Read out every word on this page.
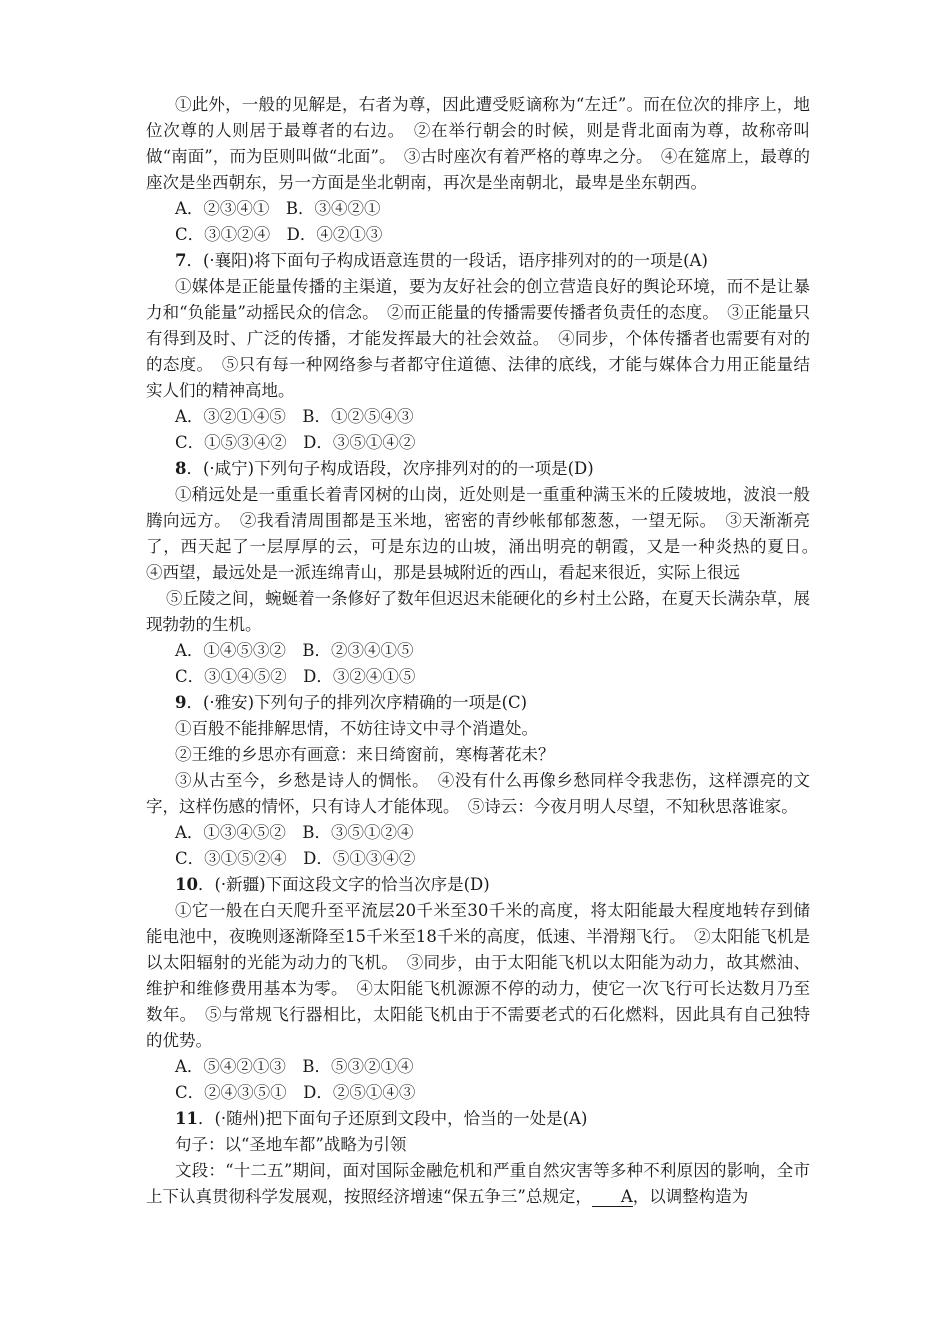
①此外，一般的见解是，右者为尊，因此遭受贬谪称为“左迁”。而在位次的排序上，地位次尊的人则居于最尊者的右边。　②在举行朝会的时候，则是背北面南为尊，故称帝叫做“南面”，而为臣则叫做“北面”。　③古时座次有着严格的尊卑之分。　④在筵席上，最尊的座次是坐西朝东，另一方面是坐北朝南，再次是坐南朝北，最卑是坐东朝西。

A．②③④①　B．③④②①

C．③①②④　D．④②①③

7．(·襄阳)将下面句子构成语意连贯的一段话，语序排列对的的一项是(A)

①媒体是正能量传播的主渠道，要为友好社会的创立营造良好的舆论环境，而不是让暴力和“负能量”动摇民众的信念。　②而正能量的传播需要传播者负责任的态度。　③正能量只有得到及时、广泛的传播，才能发挥最大的社会效益。　④同步，个体传播者也需要有对的的态度。　⑤只有每一种网络参与者都守住道德、法律的底线，才能与媒体合力用正能量结实人们的精神高地。

A．③②①④⑤　B．①②⑤④③

C．①⑤③④②　D．③⑤①④②

8．(·咸宁)下列句子构成语段，次序排列对的的一项是(D)

①稍远处是一重重长着青冈树的山岗，近处则是一重重种满玉米的丘陵坡地，波浪一般腾向远方。　②我看清周围都是玉米地，密密的青纱帐郁郁葱葱，一望无际。　③天渐渐亮了，西天起了一层厚厚的云，可是东边的山坡，涌出明亮的朝霞，又是一种炎热的夏日。　④西望，最远处是一派连绵青山，那是县城附近的西山，看起来很近，实际上很远

⑤丘陵之间，蜿蜒着一条修好了数年但迟迟未能硬化的乡村土公路，在夏天长满杂草，展现勃勃的生机。

A．①④⑤③②　B．②③④①⑤

C．③①④⑤②　D．③②④①⑤

9．(·雅安)下列句子的排列次序精确的一项是(C)

①百般不能排解思情，不妨往诗文中寻个消遣处。

②王维的乡思亦有画意：来日绮窗前，寒梅著花未？

③从古至今，乡愁是诗人的惆怅。　④没有什么再像乡愁同样令我悲伤，这样漂亮的文字，这样伤感的情怀，只有诗人才能体现。　⑤诗云：今夜月明人尽望，不知秋思落谁家。

A．①③④⑤②　B．③⑤①②④

C．③①⑤②④　D．⑤①③④②

10．(·新疆)下面这段文字的恰当次序是(D)

①它一般在白天爬升至平流层20千米至30千米的高度，将太阳能最大程度地转存到储能电池中，夜晚则逐渐降至15千米至18千米的高度，低速、半滑翔飞行。　②太阳能飞机是以太阳辐射的光能为动力的飞机。　③同步，由于太阳能飞机以太阳能为动力，故其燃油、维护和维修费用基本为零。　④太阳能飞机源源不停的动力，使它一次飞行可长达数月乃至数年。　⑤与常规飞行器相比，太阳能飞机由于不需要老式的石化燃料，因此具有自己独特的优势。

A．⑤④②①③　B．⑤③②①④

C．②④③⑤①　D．②⑤①④③

11．(·随州)把下面句子还原到文段中，恰当的一处是(A)

句子：以“圣地车都”战略为引领

文段：“十二五”期间，面对国际金融危机和严重自然灾害等多种不利原因的影响，全市上下认真贯彻科学发展观，按照经济增速“保五争三”总规定， A，以调整构造为
